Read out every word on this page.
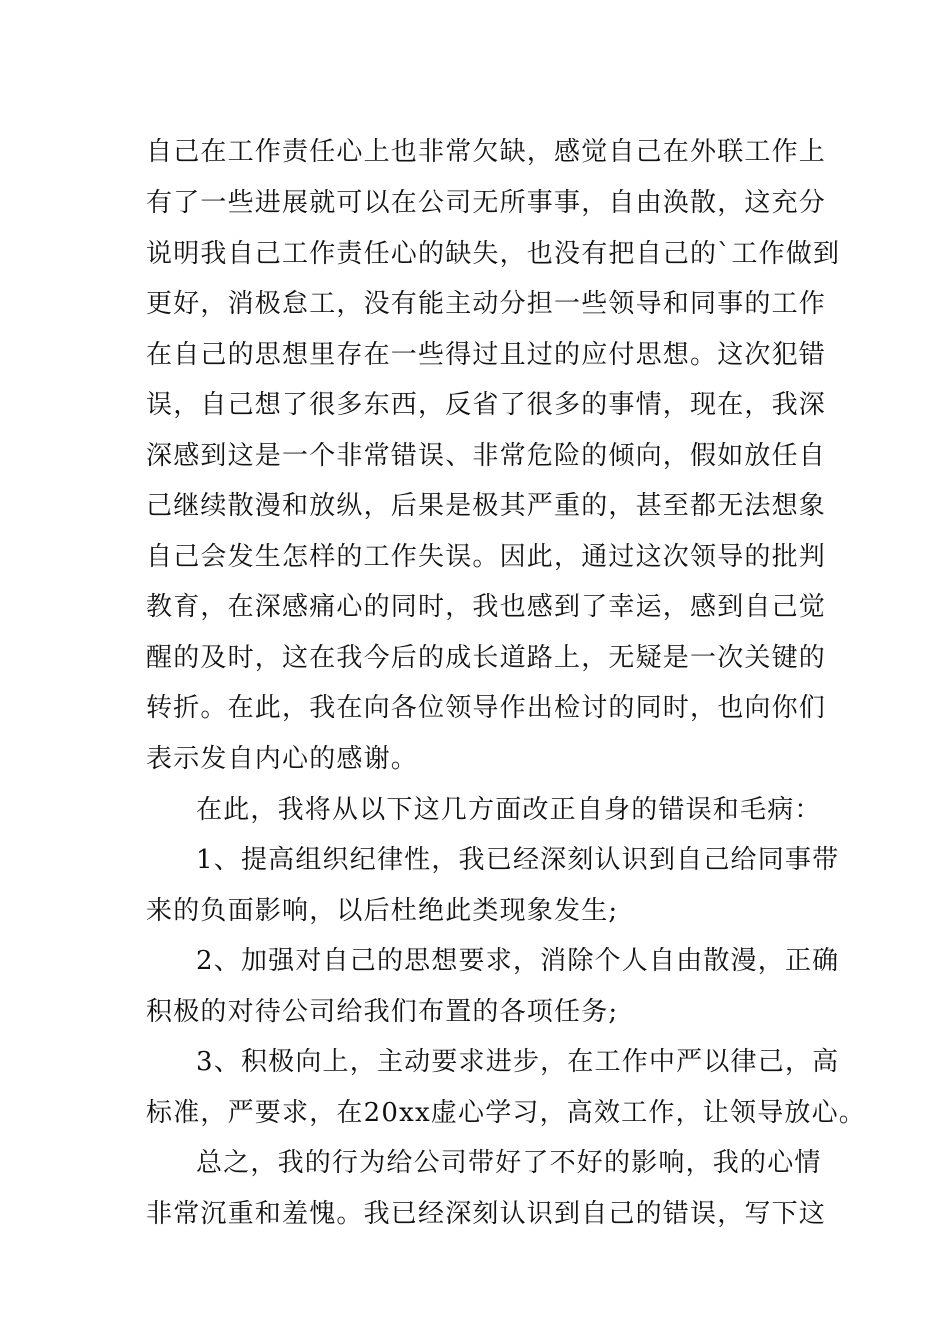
自己在工作责任心上也非常欠缺，感觉自己在外联工作上
有了一些进展就可以在公司无所事事，自由涣散，这充分
说明我自己工作责任心的缺失，也没有把自己的`工作做到
更好，消极怠工，没有能主动分担一些领导和同事的工作
在自己的思想里存在一些得过且过的应付思想。这次犯错
误，自己想了很多东西，反省了很多的事情，现在，我深
深感到这是一个非常错误、非常危险的倾向，假如放任自
己继续散漫和放纵，后果是极其严重的，甚至都无法想象
自己会发生怎样的工作失误。因此，通过这次领导的批判
教育，在深感痛心的同时，我也感到了幸运，感到自己觉
醒的及时，这在我今后的成长道路上，无疑是一次关键的
转折。在此，我在向各位领导作出检讨的同时，也向你们
表示发自内心的感谢。
在此，我将从以下这几方面改正自身的错误和毛病：
1、提高组织纪律性，我已经深刻认识到自己给同事带
来的负面影响，以后杜绝此类现象发生;
2、加强对自己的思想要求，消除个人自由散漫，正确
积极的对待公司给我们布置的各项任务;
3、积极向上，主动要求进步，在工作中严以律己，高
标准，严要求，在20xx虚心学习，高效工作，让领导放心。
总之，我的行为给公司带好了不好的影响，我的心情
非常沉重和羞愧。我已经深刻认识到自己的错误，写下这
